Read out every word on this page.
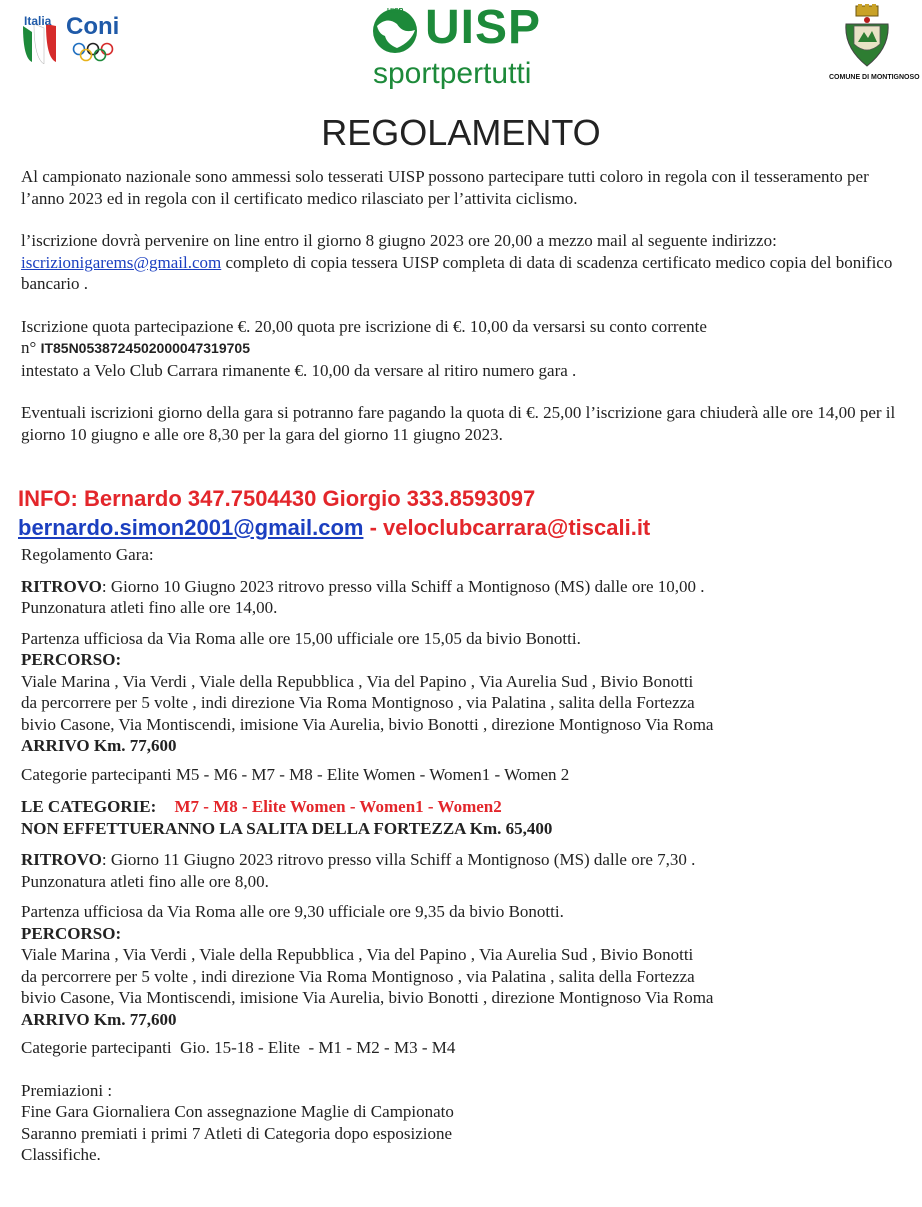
Italia Coni
UISP UISP
sportpertutti	COMUNE DI MONTIGNOSO
REGOLAMENTO

Al campionato nazionale sono ammessi solo tesserati UISP possono partecipare tutti coloro in regola con il tesseramento per l’anno 2023 ed in regola con il certificato medico rilasciato per l’attivita ciclismo.

l’iscrizione dovrà pervenire on line entro il giorno 8 giugno 2023 ore 20,00 a mezzo mail al seguente indirizzo: iscrizionigarems@gmail.com completo di copia tessera UISP completa di data di scadenza certificato medico copia del bonifico bancario .

Iscrizione quota partecipazione €. 20,00 quota pre iscrizione di €. 10,00 da versarsi su conto corrente
n° IT85N0538724502000047319705
intestato a Velo Club Carrara rimanente €. 10,00 da versare al ritiro numero gara .

Eventuali iscrizioni giorno della gara si potranno fare pagando la quota di €. 25,00 l’iscrizione gara chiuderà alle ore 14,00 per il giorno 10 giugno e alle ore 8,30 per la gara del giorno 11 giugno 2023.

INFO: Bernardo 347.7504430 Giorgio 333.8593097
bernardo.simon2001@gmail.com - veloclubcarrara@tiscali.it

Regolamento Gara:

RITROVO: Giorno 10 Giugno 2023 ritrovo presso villa Schiff a Montignoso (MS) dalle ore 10,00 .
Punzonatura atleti fino alle ore 14,00.

Partenza ufficiosa da Via Roma alle ore 15,00 ufficiale ore 15,05 da bivio Bonotti.
PERCORSO:
Viale Marina , Via Verdi , Viale della Repubblica , Via del Papino , Via Aurelia Sud , Bivio Bonotti
da percorrere per 5 volte , indi direzione Via Roma Montignoso , via Palatina , salita della Fortezza
bivio Casone, Via Montiscendi, imisione Via Aurelia, bivio Bonotti , direzione Montignoso Via Roma
ARRIVO Km. 77,600

Categorie partecipanti M5 - M6 - M7 - M8 - Elite Women - Women1 - Women 2

LE CATEGORIE: M7 - M8 - Elite Women - Women1 - Women2
NON EFFETTUERANNO LA SALITA DELLA FORTEZZA Km. 65,400

RITROVO: Giorno 11 Giugno 2023 ritrovo presso villa Schiff a Montignoso (MS) dalle ore 7,30 .
Punzonatura atleti fino alle ore 8,00.

Partenza ufficiosa da Via Roma alle ore 9,30 ufficiale ore 9,35 da bivio Bonotti.
PERCORSO:
Viale Marina , Via Verdi , Viale della Repubblica , Via del Papino , Via Aurelia Sud , Bivio Bonotti
da percorrere per 5 volte , indi direzione Via Roma Montignoso , via Palatina , salita della Fortezza
bivio Casone, Via Montiscendi, imisione Via Aurelia, bivio Bonotti , direzione Montignoso Via Roma
ARRIVO Km. 77,600

Categorie partecipanti  Gio. 15-18 - Elite  - M1 - M2 - M3 - M4

Premiazioni :
Fine Gara Giornaliera Con assegnazione Maglie di Campionato
Saranno premiati i primi 7 Atleti di Categoria dopo esposizione
Classifiche.
